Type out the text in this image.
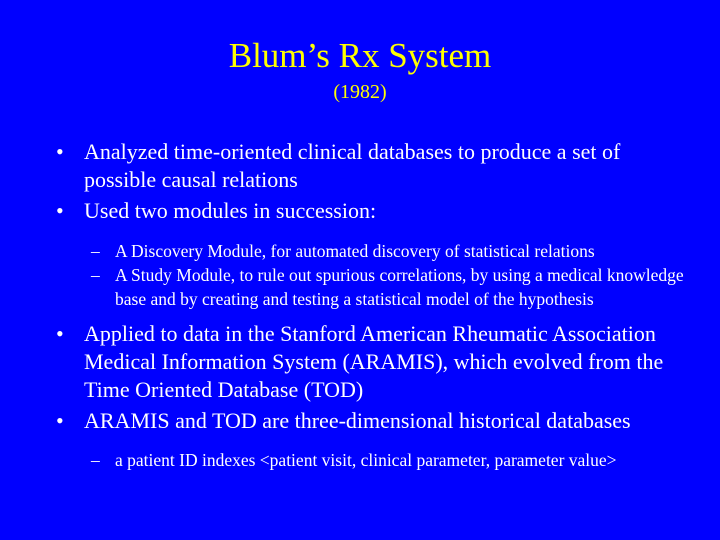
Blum’s Rx System
(1982)
• Analyzed time-oriented clinical databases to produce a set of possible causal relations
• Used two modules in succession:
– A Discovery Module, for automated discovery of statistical relations
– A Study Module, to rule out spurious correlations, by using a medical knowledge base and by creating and testing a statistical model of the hypothesis
• Applied to data in the Stanford American Rheumatic Association Medical Information System (ARAMIS), which evolved from the Time Oriented Database (TOD)
• ARAMIS and TOD are three-dimensional historical databases
– a patient ID indexes <patient visit, clinical parameter, parameter value>
